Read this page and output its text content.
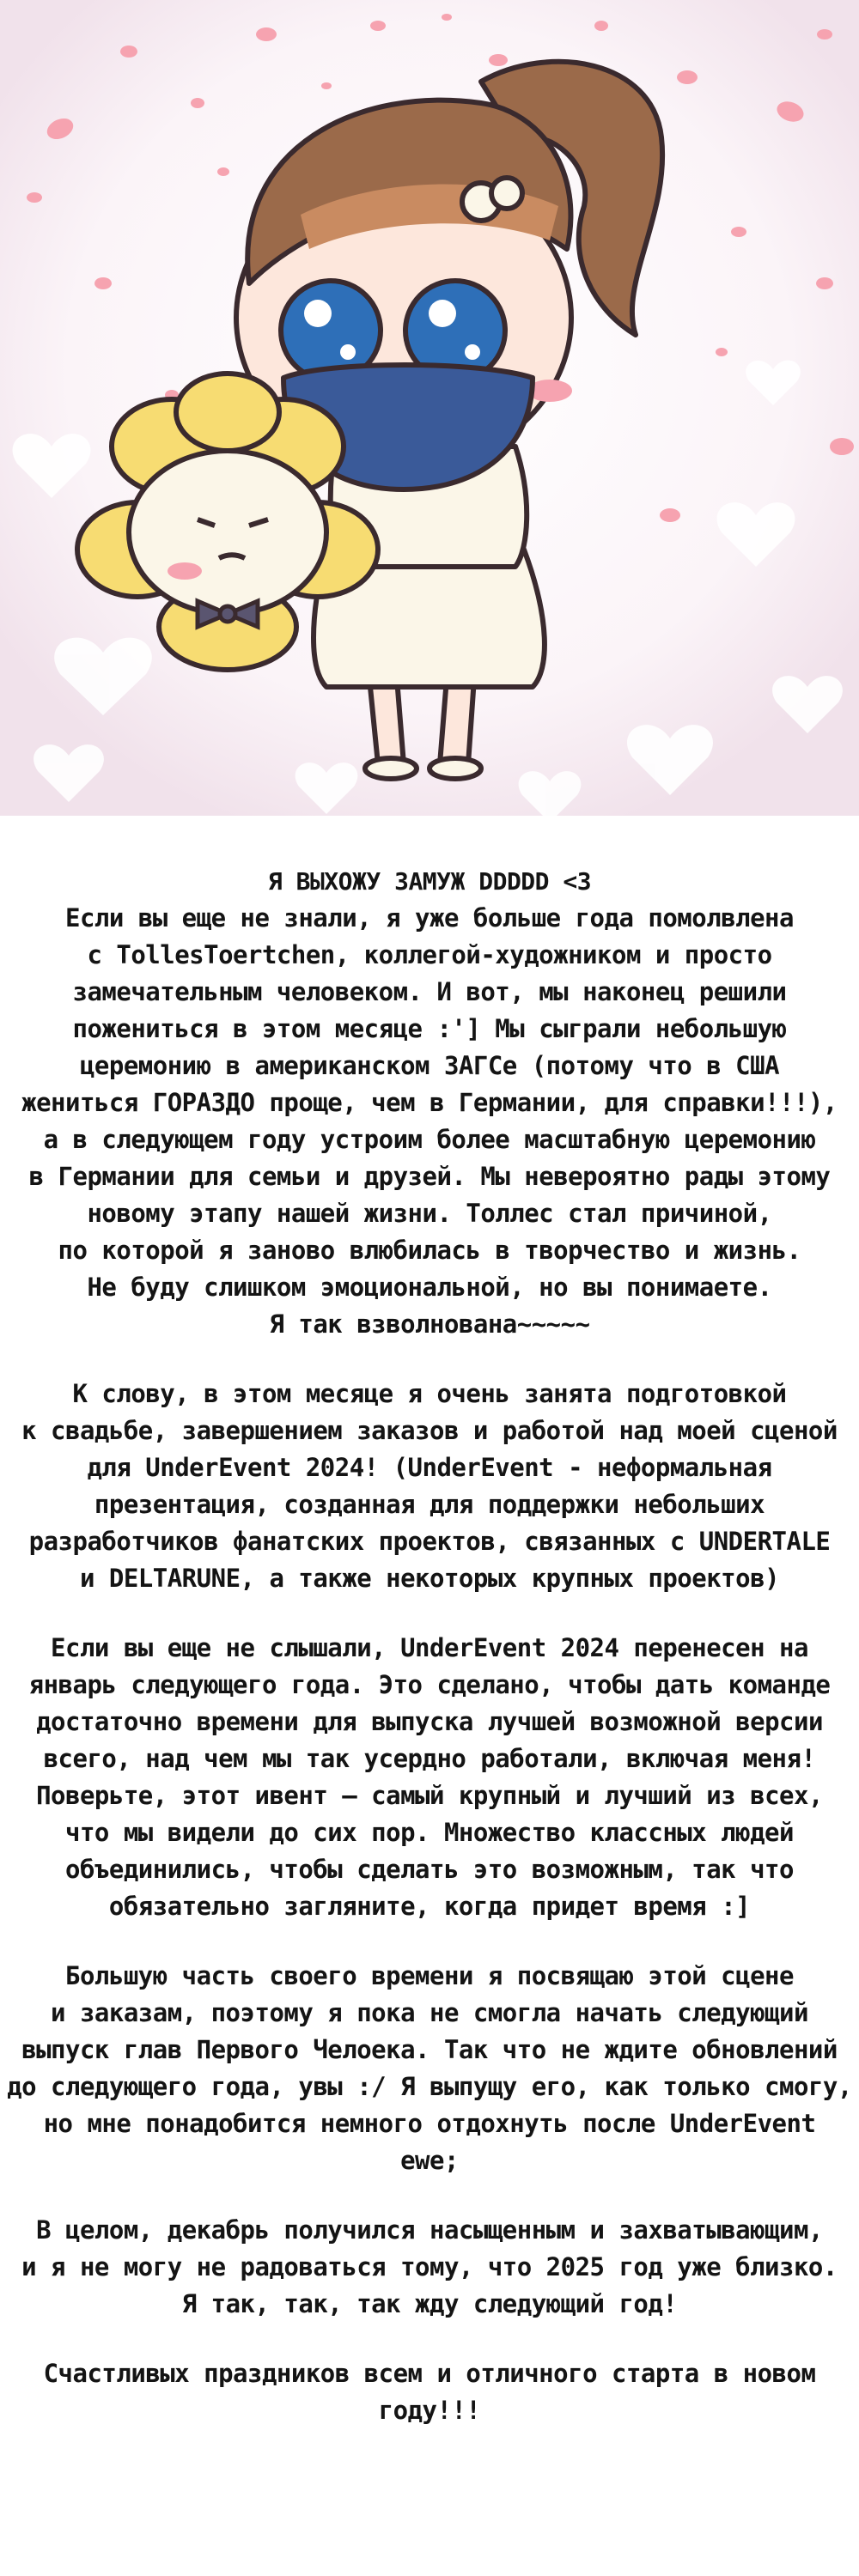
Я ВЫХОЖУ ЗАМУЖ DDDDD <3
Если вы еще не знали, я уже больше года помолвлена
с TollesToertchen, коллегой-художником и просто
замечательным человеком. И вот, мы наконец решили
пожениться в этом месяце :'] Мы сыграли небольшую
церемонию в американском ЗАГСе (потому что в США
жениться ГОРАЗДО проще, чем в Германии, для справки!!!),
а в следующем году устроим более масштабную церемонию
в Германии для семьи и друзей. Мы невероятно рады этому
новому этапу нашей жизни. Толлес стал причиной,
по которой я заново влюбилась в творчество и жизнь.
Не буду слишком эмоциональной, но вы понимаете.
Я так взволнована~~~~~

К слову, в этом месяце я очень занята подготовкой
к свадьбе, завершением заказов и работой над моей сценой
для UnderEvent 2024! (UnderEvent - неформальная
презентация, созданная для поддержки небольших
разработчиков фанатских проектов, связанных с UNDERTALE
и DELTARUNE, а также некоторых крупных проектов)

Если вы еще не слышали, UnderEvent 2024 перенесен на
январь следующего года. Это сделано, чтобы дать команде
достаточно времени для выпуска лучшей возможной версии
всего, над чем мы так усердно работали, включая меня!
Поверьте, этот ивент — самый крупный и лучший из всех,
что мы видели до сих пор. Множество классных людей
объединились, чтобы сделать это возможным, так что
обязательно загляните, когда придет время :]

Большую часть своего времени я посвящаю этой сцене
и заказам, поэтому я пока не смогла начать следующий
выпуск глав Первого Челоека. Так что не ждите обновлений
до следующего года, увы :/ Я выпущу его, как только смогу,
но мне понадобится немного отдохнуть после UnderEvent
ewe;

В целом, декабрь получился насыщенным и захватывающим,
и я не могу не радоваться тому, что 2025 год уже близко.
Я так, так, так жду следующий год!

Счастливых праздников всем и отличного старта в новом
году!!!
